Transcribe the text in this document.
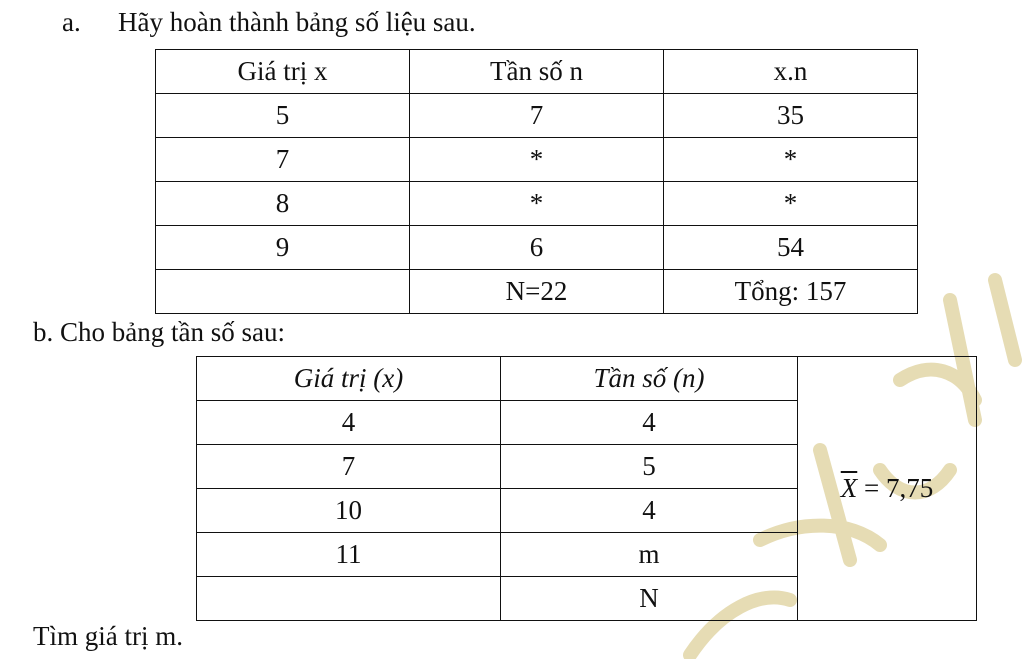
a. Hãy hoàn thành bảng số liệu sau.
Giá trị x	Tần số n	x.n
5	7	35
7	*	*
8	*	*
9	6	54
	N=22	Tổng: 157
b. Cho bảng tần số sau:
Giá trị (x)	Tần số (n)	$\overline{X} = 7,75$
4	4	
7	5	
10	4	
11	m	
	N	
Tìm giá trị m.
